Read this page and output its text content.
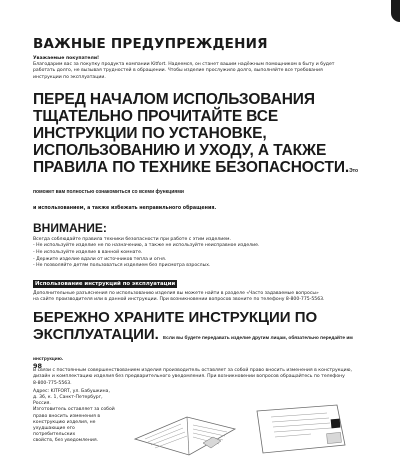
ВАЖНЫЕ ПРЕДУПРЕЖДЕНИЯ

Уважаемые покупатели!

Благодарим вас за покупку продукта компании Kitfort. Надеемся, он станет вашим надёжным помощником в быту и будет

работать долго, не вызывая трудностей в обращении. Чтобы изделие прослужило долго, выполняйте все требования

инструкции по эксплуатации.

ПЕРЕД НАЧАЛОМ ИСПОЛЬЗОВАНИЯ ТЩАТЕЛЬНО ПРОЧИТАЙТЕ ВСЕ ИНСТРУКЦИИ ПО УСТАНОВКЕ, ИСПОЛЬЗОВАНИЮ И УХОДУ, А ТАКЖЕ ПРАВИЛА ПО ТЕХНИКЕ БЕЗОПАСНОСТИ.Это поможет вам полностью ознакомиться со всеми функциями

и использованием, а также избежать неправильного обращения.

ВНИМАНИЕ:
Всегда соблюдайте правила техники безопасности при работе с этим изделием.
- Не используйте изделие не по назначению, а также не используйте неисправное изделие.
- Не используйте изделие в ванной комнате.
- Держите изделие вдали от источников тепла и огня.
- Не позволяйте детям пользоваться изделием без присмотра взрослых.
Использование инструкций по эксплуатации

Дополнительные разъяснения по использованию изделия вы можете найти в разделе «Часто задаваемые вопросы»

на сайте производителя или в данной инструкции. При возникновении вопросов звоните по телефону 8-800-775-5563.

БЕРЕЖНО ХРАНИТЕ ИНСТРУКЦИИ ПО ЭКСПЛУАТАЦИИ. Если вы будете передавать изделие другим лицам, обязательно передайте им инструкцию.

В связи с постоянным совершенствованием изделия производитель оставляет за собой право вносить изменения в конструкцию,

дизайн и комплектацию изделия без предварительного уведомления. При возникновении вопросов обращайтесь по телефону

8-800-775-5563.

Адрес: KITFORT, ул. Бабушкина,

д. 36, к. 1, Санкт-Петербург, Россия.

Изготовитель оставляет за собой

право вносить изменения в

конструкцию изделия, не

ухудшающие его потребительских

свойств, без уведомления.

98
